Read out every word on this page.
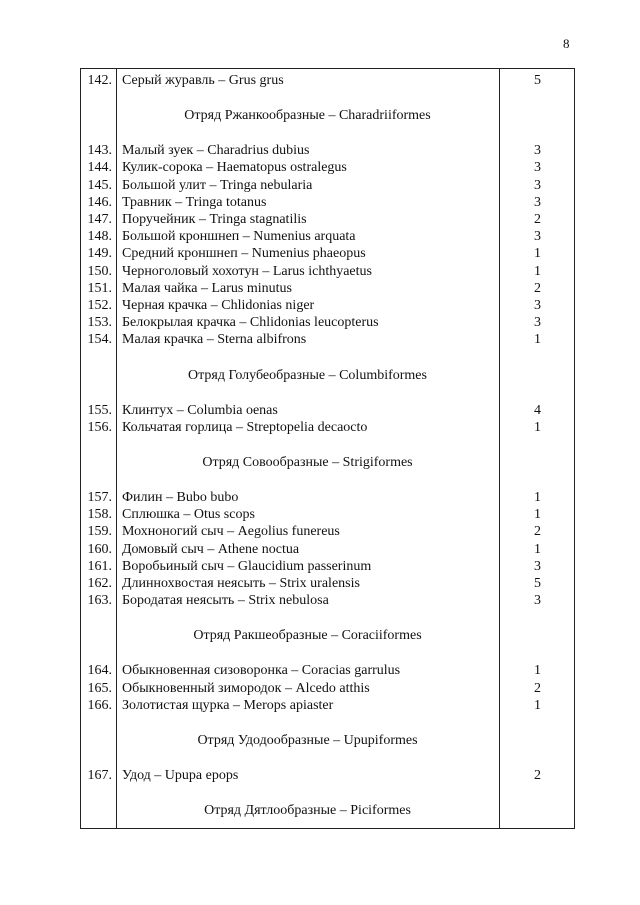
8
142. Серый журавль – Grus grus	5
Отряд Ржанкообразные – Charadriiformes
143. Малый зуек – Charadrius dubius	3
144. Кулик-сорока – Haematopus ostralegus	3
145. Большой улит – Tringa nebularia	3
146. Травник – Tringa totanus	3
147. Поручейник – Tringa stagnatilis	2
148. Большой кроншнеп – Numenius arquata	3
149. Средний кроншнеп – Numenius phaeopus	1
150. Черноголовый хохотун – Larus ichthyaetus	1
151. Малая чайка – Larus minutus	2
152. Черная крачка – Chlidonias niger	3
153. Белокрылая крачка – Chlidonias leucopterus	3
154. Малая крачка – Sterna albifrons	1
Отряд Голубеобразные – Columbiformes
155. Клинтух – Columbia oenas	4
156. Кольчатая горлица – Streptopelia decaocto	1
Отряд Совообразные – Strigiformes
157. Филин – Bubo bubo	1
158. Сплюшка – Otus scops	1
159. Мохноногий сыч – Aegolius funereus	2
160. Домовый сыч – Athene noctua	1
161. Воробьиный сыч – Glaucidium passerinum	3
162. Длиннохвостая неясыть – Strix uralensis	5
163. Бородатая неясыть – Strix nebulosa	3
Отряд Ракшеобразные – Coraciiformes
164. Обыкновенная сизоворонка – Coracias garrulus	1
165. Обыкновенный зимородок – Alcedo atthis	2
166. Золотистая щурка – Merops apiaster	1
Отряд Удодообразные – Upupiformes
167. Удод – Upupa epops	2
Отряд Дятлообразные – Piciformes
